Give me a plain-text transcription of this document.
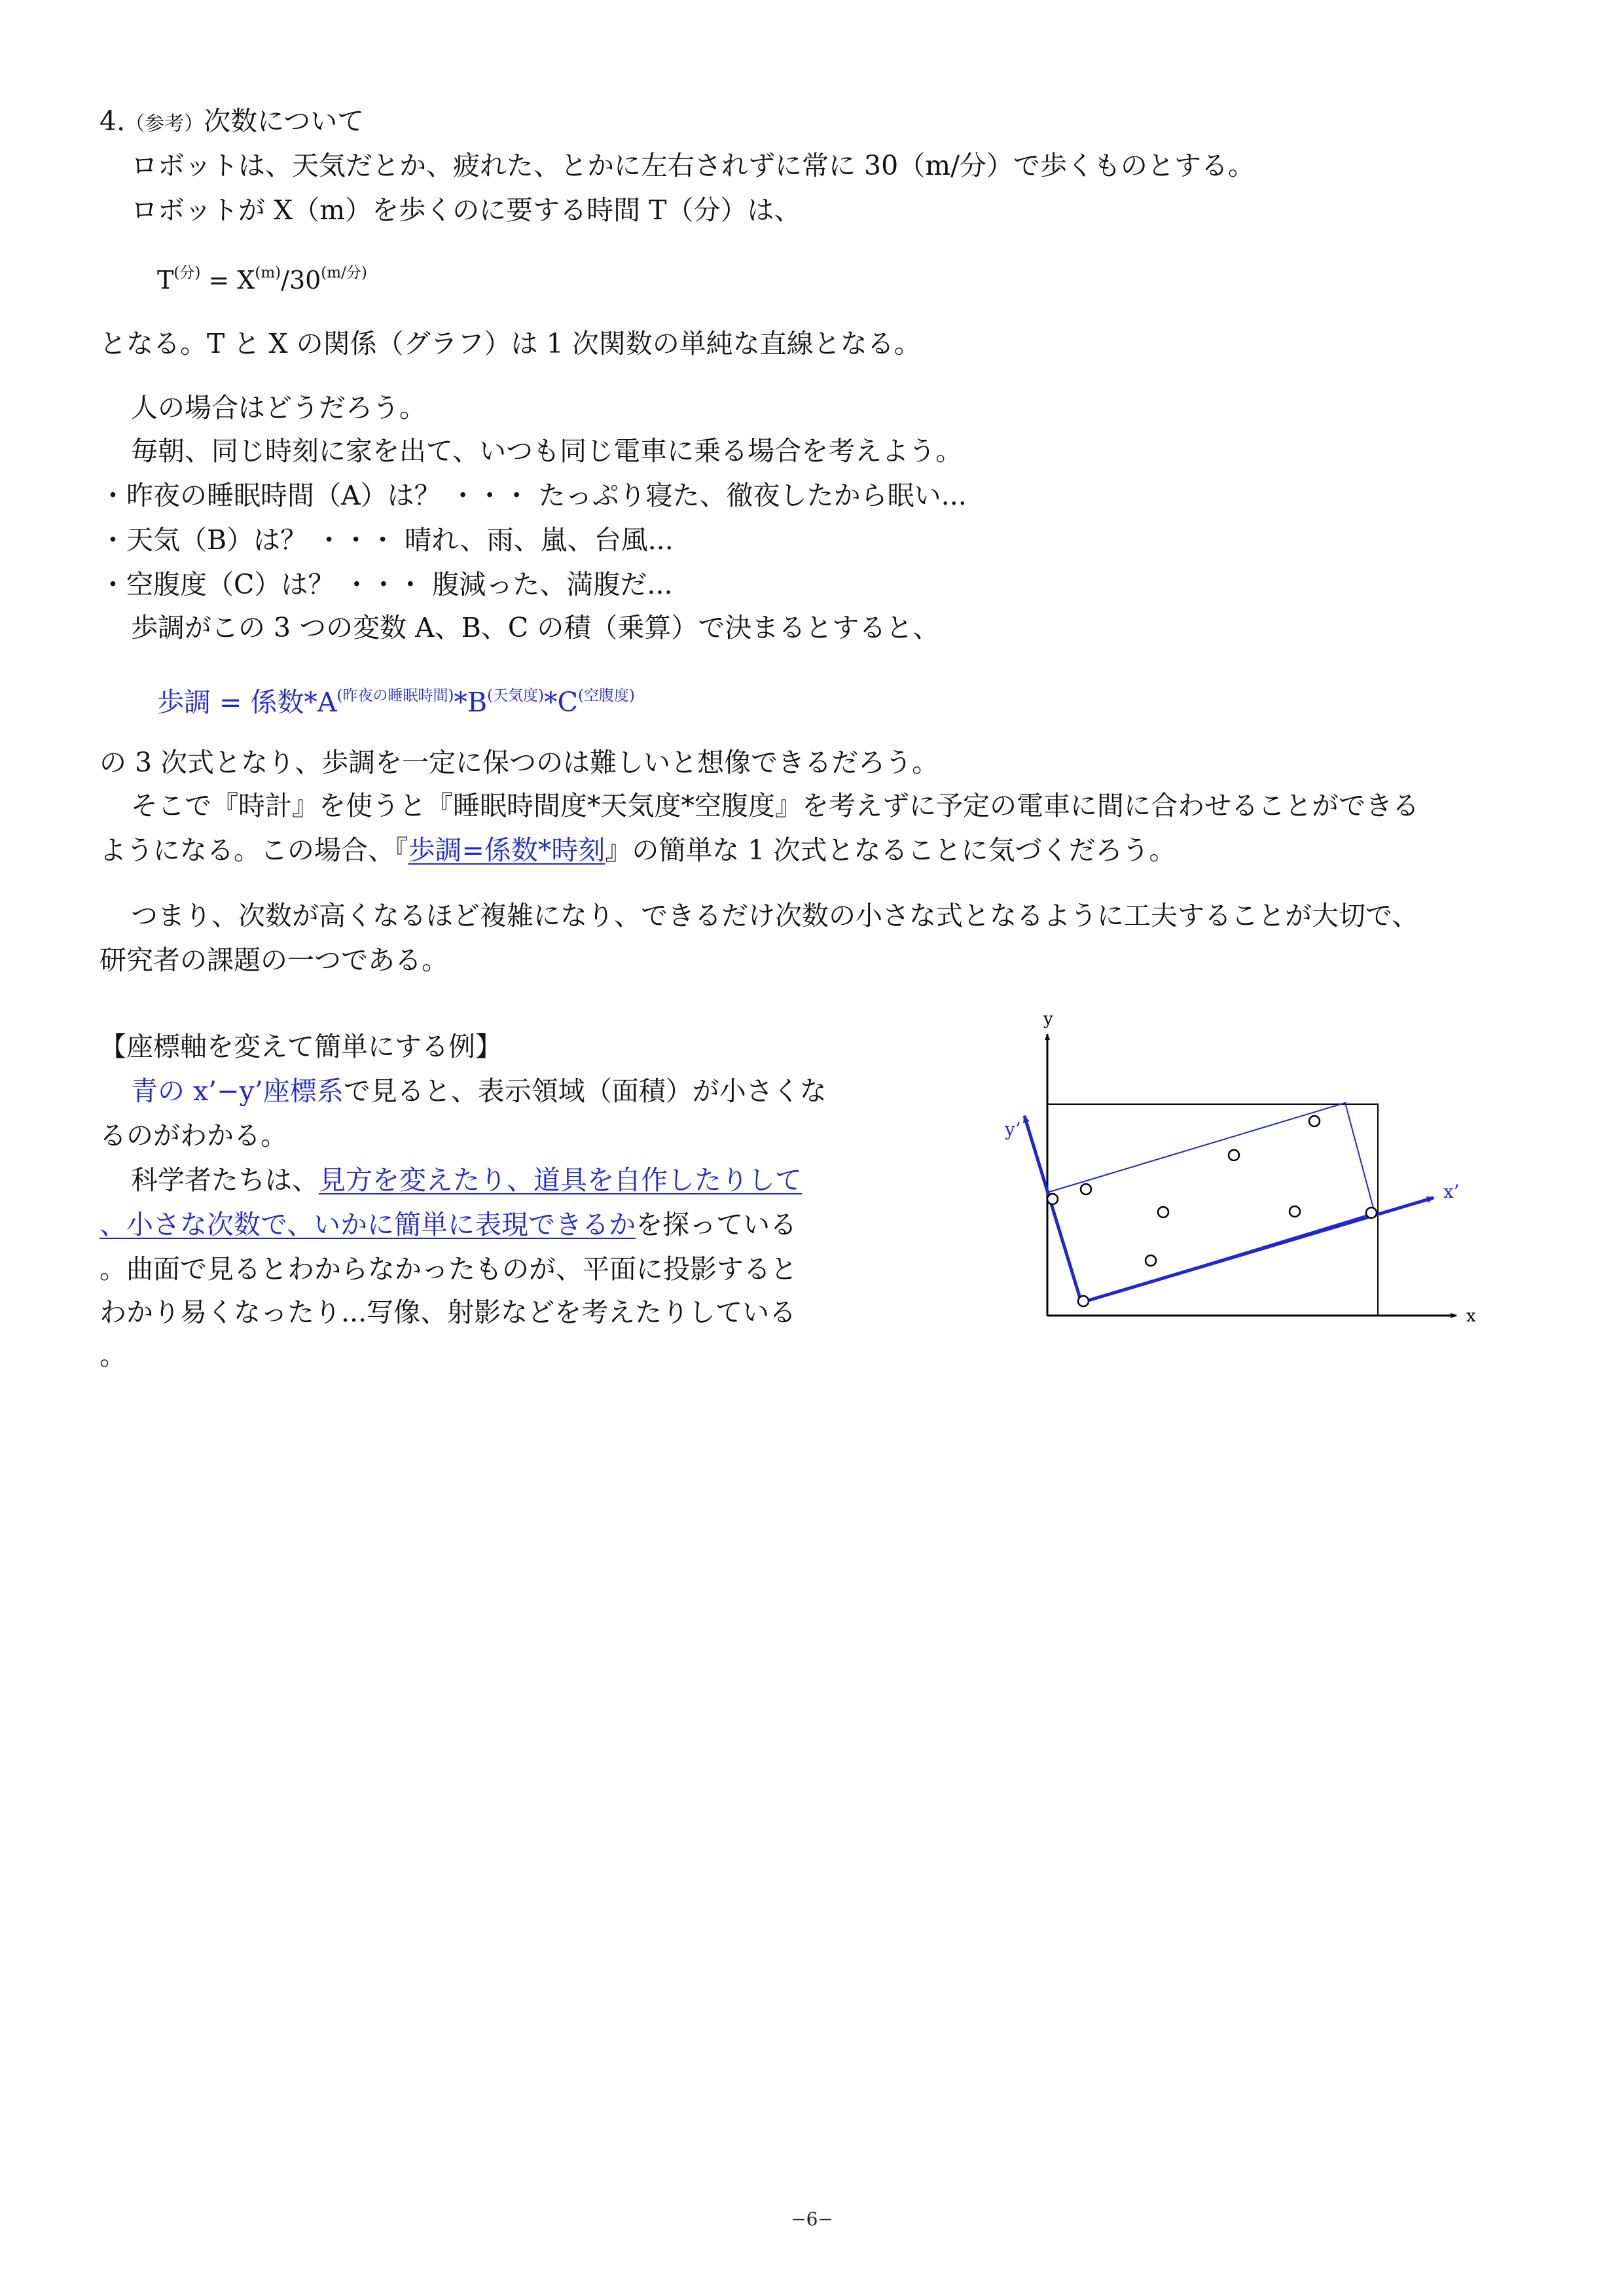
4.（参考）次数について
ロボットは、天気だとか、疲れた、とかに左右されずに常に 30（m/分）で歩くものとする。
ロボットが X（m）を歩くのに要する時間 T（分）は、
$T^{(分)} = X^{(m)}/30^{(m/分)}$
となる。T と X の関係（グラフ）は 1 次関数の単純な直線となる。
人の場合はどうだろう。
毎朝、同じ時刻に家を出て、いつも同じ電車に乗る場合を考えよう。
・昨夜の睡眠時間（A）は？ ・・・ たっぷり寝た、徹夜したから眠い...
・天気（B）は？ ・・・ 晴れ、雨、嵐、台風...
・空腹度（C）は？ ・・・ 腹減った、満腹だ...
歩調がこの 3 つの変数 A、B、C の積（乗算）で決まるとすると、
歩調 = 係数$*A^{(昨夜の睡眠時間)}*B^{(天気度)}*C^{(空腹度)}$
の 3 次式となり、歩調を一定に保つのは難しいと想像できるだろう。
そこで『時計』を使うと『睡眠時間度*天気度*空腹度』を考えずに予定の電車に間に合わせることができる
ようになる。この場合、『歩調=係数*時刻』の簡単な 1 次式となることに気づくだろう。
つまり、次数が高くなるほど複雑になり、できるだけ次数の小さな式となるように工夫することが大切で、
研究者の課題の一つである。
【座標軸を変えて簡単にする例】
青の x’−y’座標系で見ると、表示領域（面積）が小さくな
るのがわかる。
科学者たちは、見方を変えたり、道具を自作したりして
、小さな次数で、いかに簡単に表現できるかを探っている
。曲面で見るとわからなかったものが、平面に投影すると
わかり易くなったり...写像、射影などを考えたりしている
。
x
y
x’
y’
−6−
